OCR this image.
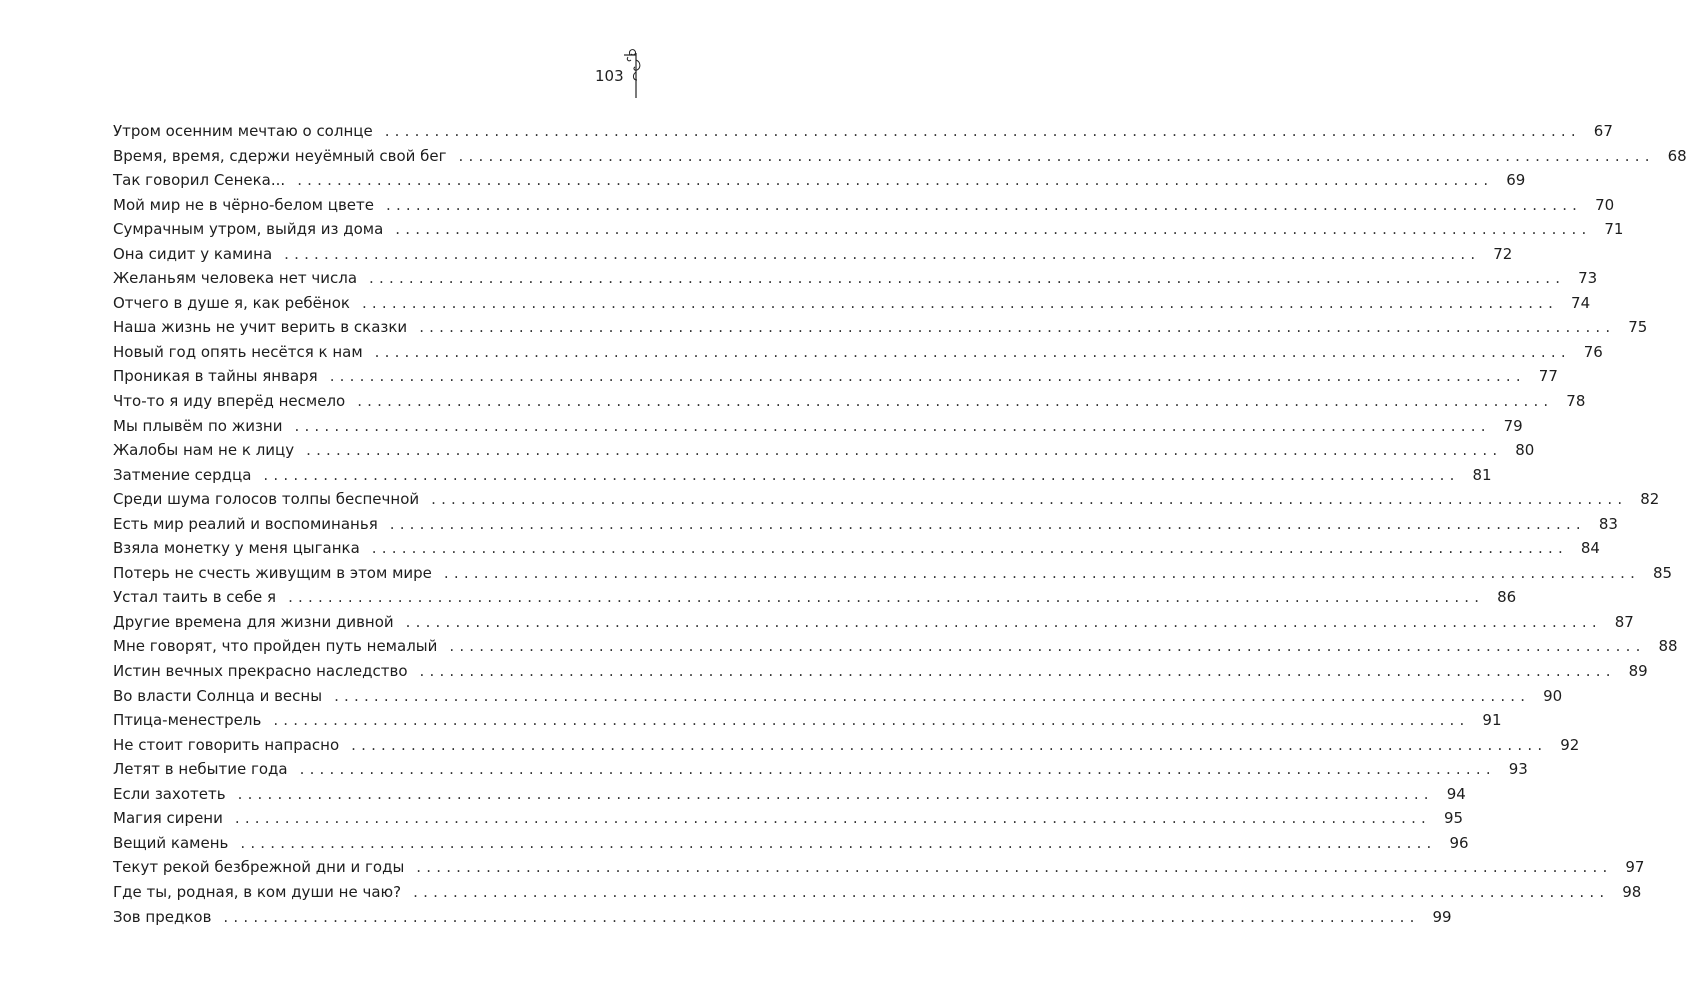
103
Утром осенним мечтаю о солнце ........................................................................................................................ 67
Время, время, сдержи неуёмный свой бег ........................................................................................................................ 68
Так говорил Сенека... ........................................................................................................................ 69
Мой мир не в чёрно-белом цвете ........................................................................................................................ 70
Сумрачным утром, выйдя из дома ........................................................................................................................ 71
Она сидит у камина ........................................................................................................................ 72
Желаньям человека нет числа ........................................................................................................................ 73
Отчего в душе я, как ребёнок ........................................................................................................................ 74
Наша жизнь не учит верить в сказки ........................................................................................................................ 75
Новый год опять несётся к нам ........................................................................................................................ 76
Проникая в тайны января ........................................................................................................................ 77
Что-то я иду вперёд несмело ........................................................................................................................ 78
Мы плывём по жизни ........................................................................................................................ 79
Жалобы нам не к лицу ........................................................................................................................ 80
Затмение сердца ........................................................................................................................ 81
Среди шума голосов толпы беспечной ........................................................................................................................ 82
Есть мир реалий и воспоминанья ........................................................................................................................ 83
Взяла монетку у меня цыганка ........................................................................................................................ 84
Потерь не счесть живущим в этом мире ........................................................................................................................ 85
Устал таить в себе я ........................................................................................................................ 86
Другие времена для жизни дивной ........................................................................................................................ 87
Мне говорят, что пройден путь немалый ........................................................................................................................ 88
Истин вечных прекрасно наследство ........................................................................................................................ 89
Во власти Солнца и весны ........................................................................................................................ 90
Птица-менестрель ........................................................................................................................ 91
Не стоит говорить напрасно ........................................................................................................................ 92
Летят в небытие года ........................................................................................................................ 93
Если захотеть ........................................................................................................................ 94
Магия сирени ........................................................................................................................ 95
Вещий камень ........................................................................................................................ 96
Текут рекой безбрежной дни и годы ........................................................................................................................ 97
Где ты, родная, в ком души не чаю? ........................................................................................................................ 98
Зов предков ........................................................................................................................ 99
